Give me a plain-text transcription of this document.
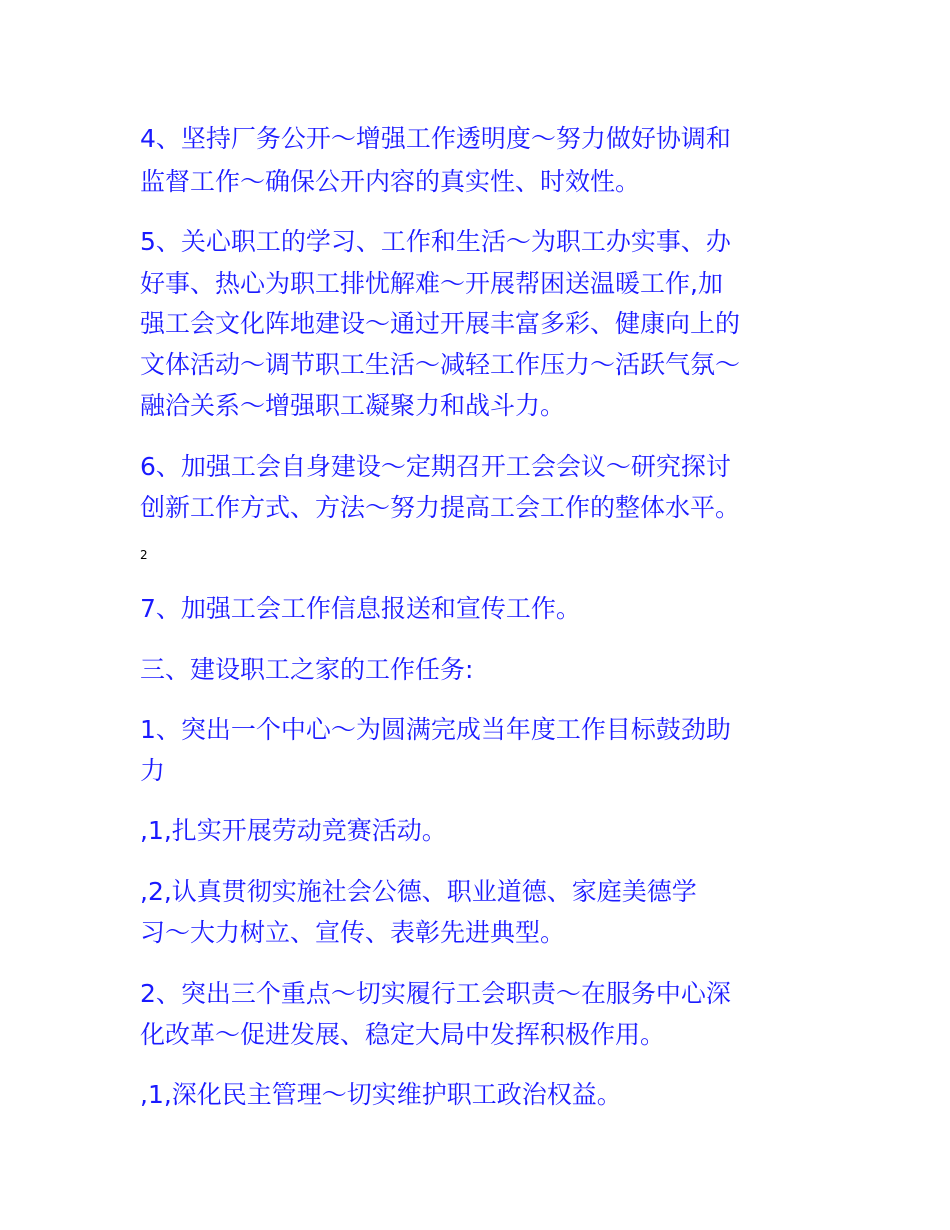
4、坚持厂务公开～增强工作透明度～努力做好协调和
监督工作～确保公开内容的真实性、时效性。
5、关心职工的学习、工作和生活～为职工办实事、办
好事、热心为职工排忧解难～开展帮困送温暖工作,加
强工会文化阵地建设～通过开展丰富多彩、健康向上的
文体活动～调节职工生活～减轻工作压力～活跃气氛～
融洽关系～增强职工凝聚力和战斗力。
6、加强工会自身建设～定期召开工会会议～研究探讨
创新工作方式、方法～努力提高工会工作的整体水平。
2
7、加强工会工作信息报送和宣传工作。
三、建设职工之家的工作任务:
1、突出一个中心～为圆满完成当年度工作目标鼓劲助
力
,1,扎实开展劳动竞赛活动。
,2,认真贯彻实施社会公德、职业道德、家庭美德学
习～大力树立、宣传、表彰先进典型。
2、突出三个重点～切实履行工会职责～在服务中心深
化改革～促进发展、稳定大局中发挥积极作用。
,1,深化民主管理～切实维护职工政治权益。
